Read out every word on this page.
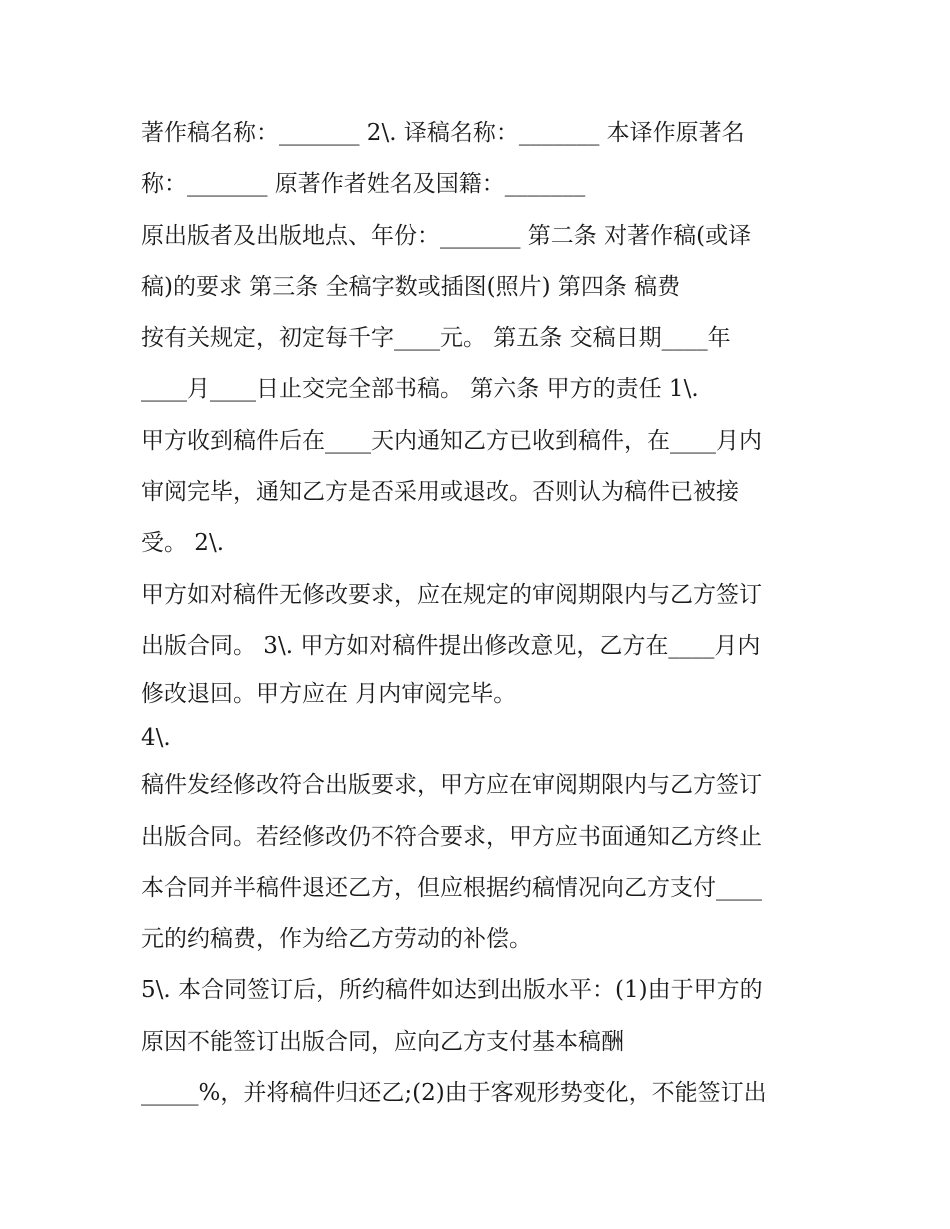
著作稿名称：_______ 2\. 译稿名称：_______ 本译作原著名
称：_______ 原著作者姓名及国籍：_______
原出版者及出版地点、年份：_______ 第二条 对著作稿(或译
稿)的要求 第三条 全稿字数或插图(照片) 第四条 稿费
按有关规定，初定每千字____元。 第五条 交稿日期____年
____月____日止交完全部书稿。 第六条 甲方的责任 1\.
甲方收到稿件后在____天内通知乙方已收到稿件，在____月内
审阅完毕，通知乙方是否采用或退改。否则认为稿件已被接
受。 2\.
甲方如对稿件无修改要求，应在规定的审阅期限内与乙方签订
出版合同。 3\. 甲方如对稿件提出修改意见，乙方在____月内
修改退回。甲方应在 月内审阅完毕。
4\.
稿件发经修改符合出版要求，甲方应在审阅期限内与乙方签订
出版合同。若经修改仍不符合要求，甲方应书面通知乙方终止
本合同并半稿件退还乙方，但应根据约稿情况向乙方支付____
元的约稿费，作为给乙方劳动的补偿。
5\. 本合同签订后，所约稿件如达到出版水平：(1)由于甲方的
原因不能签订出版合同，应向乙方支付基本稿酬
_____%，并将稿件归还乙;(2)由于客观形势变化，不能签订出
